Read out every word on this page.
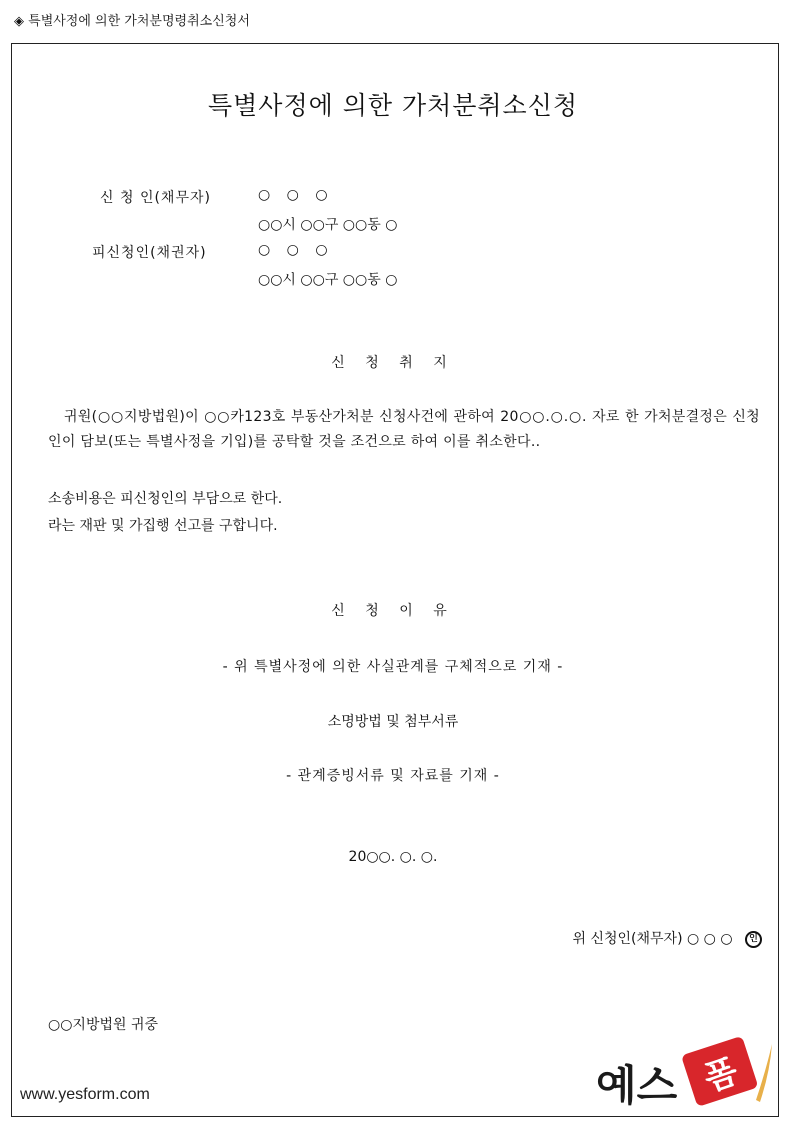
◈ 특별사정에 의한 가처분명령취소신청서
특별사정에 의한 가처분취소신청
신 청 인(채무자)	○ ○ ○
○○시 ○○구 ○○동 ○
피신청인(채권자)	○ ○ ○
○○시 ○○구 ○○동 ○
신 청 취 지
귀원(○○지방법원)이 ○○카123호 부동산가처분 신청사건에 관하여 20○○.○.○. 자로 한 가처분결정은 신청인이 담보(또는 특별사정을 기입)를 공탁할 것을 조건으로 하여 이를 취소한다..
소송비용은 피신청인의 부담으로 한다.
라는 재판 및 가집행 선고를 구합니다.
신 청 이 유
- 위 특별사정에 의한 사실관계를 구체적으로 기재 -
소명방법 및 첨부서류
- 관계증빙서류 및 자료를 기재 -
20○○. ○. ○.
위 신청인(채무자) ○ ○ ○ 인
○○지방법원 귀중
www.yesform.com	예스 폼
